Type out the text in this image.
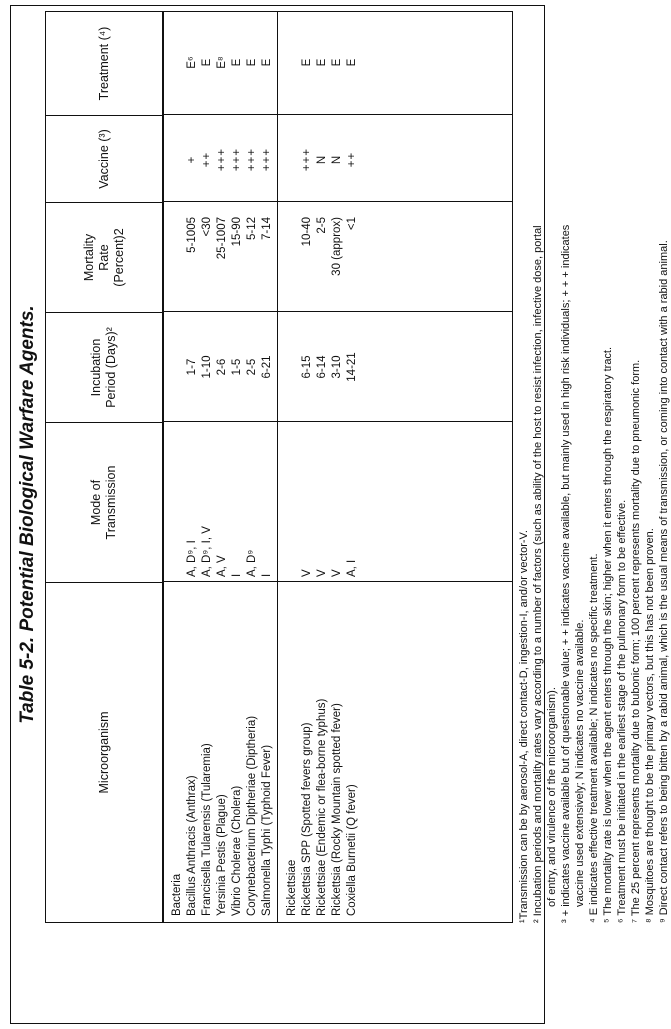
Table 5-2. Potential Biological Warfare Agents.
Microorganism
Mode of
Transmission
Incubation
Period (Days)²
Mortality
Rate
(Percent)2
Vaccine (³)
Treatment (⁴)
Bacteria Bacillus Anthracis (Anthrax)
A, D⁹, I
1-7
5-1005
+
E⁶
Francisella Tularensis (Tularemia)
A, D⁹, I, V
1-10
<30
++
E
Yersinia Pestis (Plague)
A, V
2-6
25-1007
+++
E⁸
Vibrio Cholerae (Cholera)
I
1-5
15-90
+++
E
Corynebacterium Diptheriae (Diptheria)
A, D⁹
2-5
5-12
+++
E
Salmonella Typhi (Typhoid Fever)
I
6-21
7-14
+++
E
Rickettsiae Rickettsia SPP (Spotted fevers group)
V
6-15
10-40
+++
E
Rickettsiae (Endemic or flea-borne typhus)
V
6-14
2-5
N
E
Rickettsia (Rocky Mountain spotted fever)
V
3-10
30 (approx)
N
E
Coxiella Burnetii (Q fever)
A, I
14-21
<1
++
E
¹Transmission can be by aerosol-A, direct contact-D, ingestion-I, and/or vector-V. ² Incubation periods and mortality rates vary according to a number of factors (such as ability of the host to resist infection, infective dose, portal of entry, and virulence of the microorganism). ³ + indicates vaccine available but of questionable value; + + indicates vaccine available, but mainly used in high risk individuals; + + + indicates vaccine used extensively; N indicates no vaccine available. ⁴ E indicates effective treatment available; N indicates no specific treatment. ⁵ The mortality rate is lower when the agent enters through the skin; higher when it enters through the respiratory tract. ⁶ Treatment must be initiated in the earliest stage of the pulmonary form to be effective. ⁷ The 25 percent represents mortality due to bubonic form; 100 percent represents mortality due to pneumonic form. ⁸ Mosquitoes are thought to be the primary vectors, but this has not been proven. ⁹ Direct contact refers to being bitten by a rabid animal, which is the usual means of transmission, or coming into contact with a rabid animal.
